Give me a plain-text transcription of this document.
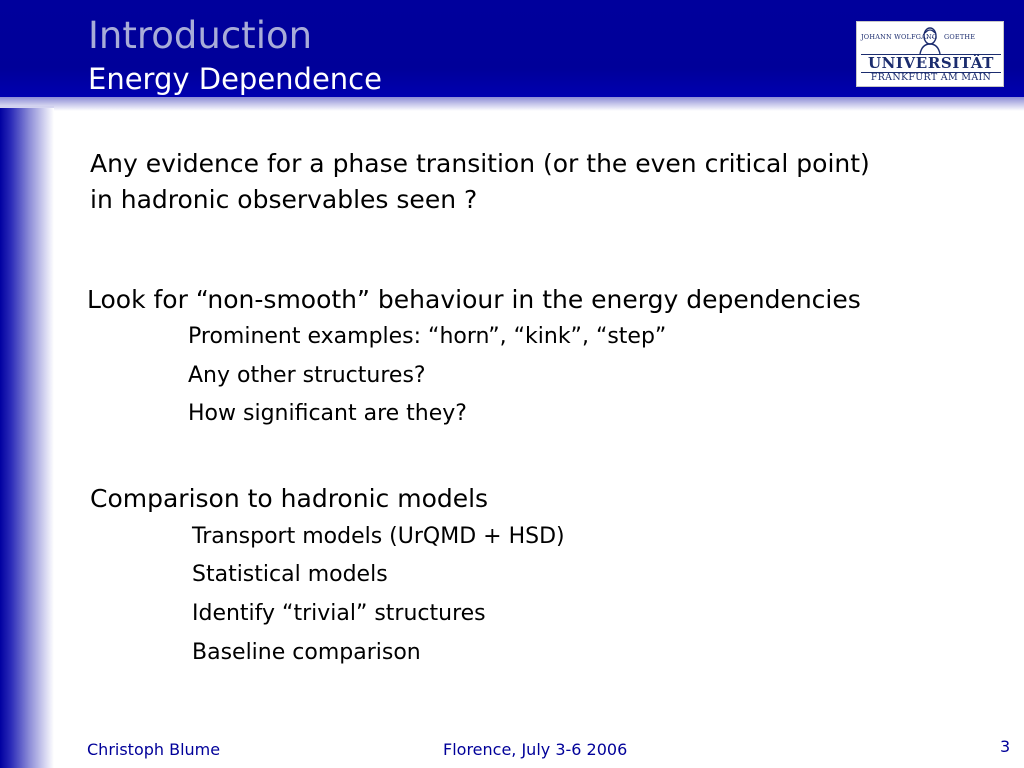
Introduction
Energy Dependence
JOHANN WOLFGANG GOETHE
UNIVERSITÄT
FRANKFURT AM MAIN

Any evidence for a phase transition (or the even critical point)

in hadronic observables seen ?

Look for “non-smooth” behaviour in the energy dependencies

Prominent examples: “horn”, “kink”, “step”

Any other structures?

How significant are they?

Comparison to hadronic models

Transport models (UrQMD + HSD)

Statistical models

Identify “trivial” structures

Baseline comparison

Christoph Blume	Florence, July 3-6 2006	3
